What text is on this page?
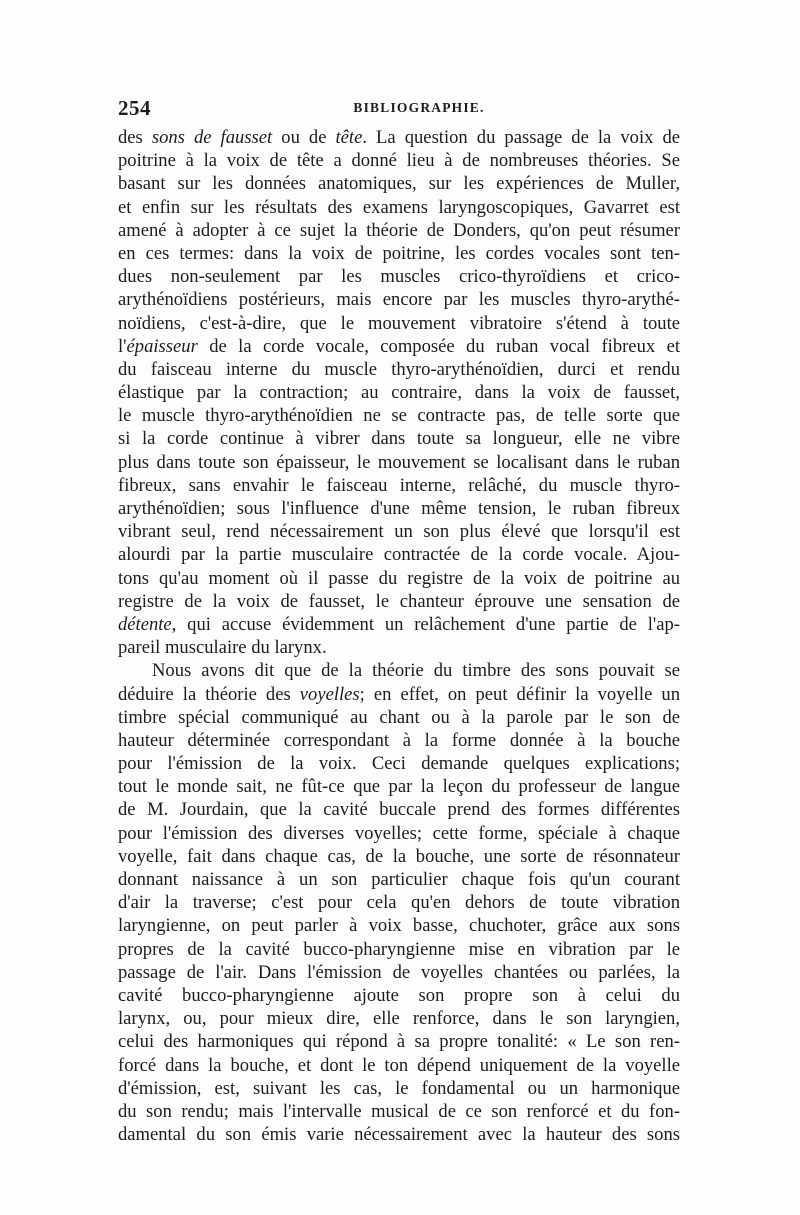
254	BIBLIOGRAPHIE.
des sons de fausset ou de tête. La question du passage de la voix de
poitrine à la voix de tête a donné lieu à de nombreuses théories. Se
basant sur les données anatomiques, sur les expériences de Muller,
et enfin sur les résultats des examens laryngoscopiques, Gavarret est
amené à adopter à ce sujet la théorie de Donders, qu'on peut résumer
en ces termes: dans la voix de poitrine, les cordes vocales sont ten-
dues non-seulement par les muscles crico-thyroïdiens et crico-
arythénoïdiens postérieurs, mais encore par les muscles thyro-arythé-
noïdiens, c'est-à-dire, que le mouvement vibratoire s'étend à toute
l'épaisseur de la corde vocale, composée du ruban vocal fibreux et
du faisceau interne du muscle thyro-arythénoïdien, durci et rendu
élastique par la contraction; au contraire, dans la voix de fausset,
le muscle thyro-arythénoïdien ne se contracte pas, de telle sorte que
si la corde continue à vibrer dans toute sa longueur, elle ne vibre
plus dans toute son épaisseur, le mouvement se localisant dans le ruban
fibreux, sans envahir le faisceau interne, relâché, du muscle thyro-
arythénoïdien; sous l'influence d'une même tension, le ruban fibreux
vibrant seul, rend nécessairement un son plus élevé que lorsqu'il est
alourdi par la partie musculaire contractée de la corde vocale. Ajou-
tons qu'au moment où il passe du registre de la voix de poitrine au
registre de la voix de fausset, le chanteur éprouve une sensation de
détente, qui accuse évidemment un relâchement d'une partie de l'ap-
pareil musculaire du larynx.
Nous avons dit que de la théorie du timbre des sons pouvait se
déduire la théorie des voyelles; en effet, on peut définir la voyelle un
timbre spécial communiqué au chant ou à la parole par le son de
hauteur déterminée correspondant à la forme donnée à la bouche
pour l'émission de la voix. Ceci demande quelques explications;
tout le monde sait, ne fût-ce que par la leçon du professeur de langue
de M. Jourdain, que la cavité buccale prend des formes différentes
pour l'émission des diverses voyelles; cette forme, spéciale à chaque
voyelle, fait dans chaque cas, de la bouche, une sorte de résonnateur
donnant naissance à un son particulier chaque fois qu'un courant
d'air la traverse; c'est pour cela qu'en dehors de toute vibration
laryngienne, on peut parler à voix basse, chuchoter, grâce aux sons
propres de la cavité bucco-pharyngienne mise en vibration par le
passage de l'air. Dans l'émission de voyelles chantées ou parlées, la
cavité bucco-pharyngienne ajoute son propre son à celui du
larynx, ou, pour mieux dire, elle renforce, dans le son laryngien,
celui des harmoniques qui répond à sa propre tonalité: « Le son ren-
forcé dans la bouche, et dont le ton dépend uniquement de la voyelle
d'émission, est, suivant les cas, le fondamental ou un harmonique
du son rendu; mais l'intervalle musical de ce son renforcé et du fon-
damental du son émis varie nécessairement avec la hauteur des sons
